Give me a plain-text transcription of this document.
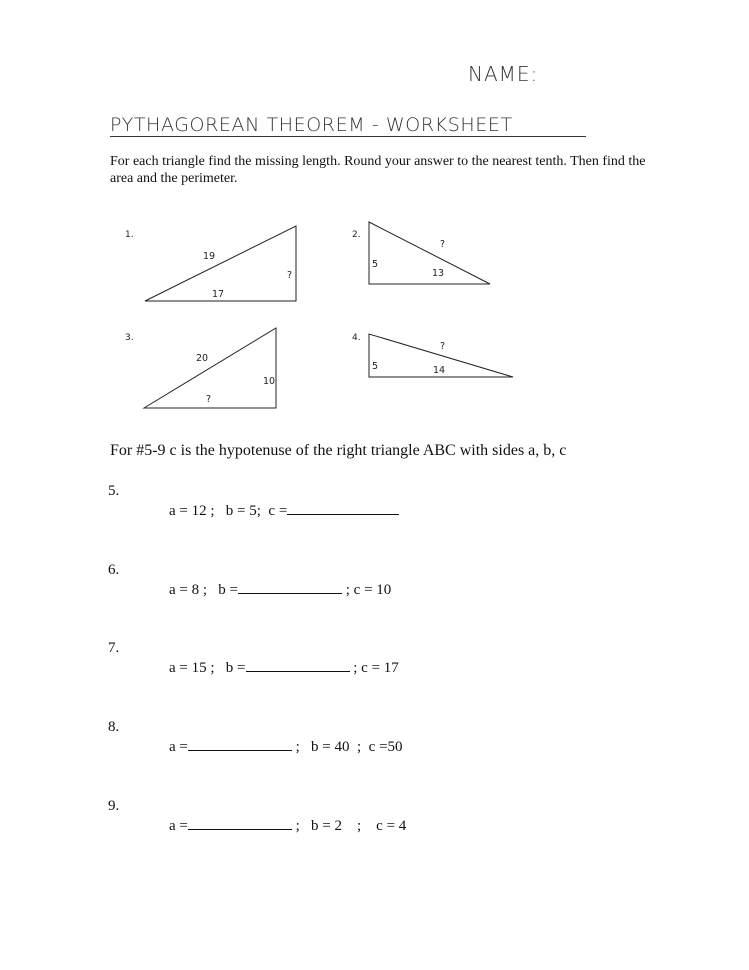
NAME:
PYTHAGOREAN THEOREM - WORKSHEET
For each triangle find the missing length. Round your answer to the nearest tenth. Then find the area and the perimeter.
1.
19
?
17
2.
?
5
13
3.
20
10
?
4.
?
5	14
For #5-9 c is the hypotenuse of the right triangle ABC with sides a, b, c
5.

a = 12 ;   b = 5;  c =

6.

a = 8 ;   b =	; c = 10

7.

a = 15 ;   b =	; c = 17

8.

a =	;   b = 40  ;  c =50

9.

a =	;   b = 2    ;    c = 4
